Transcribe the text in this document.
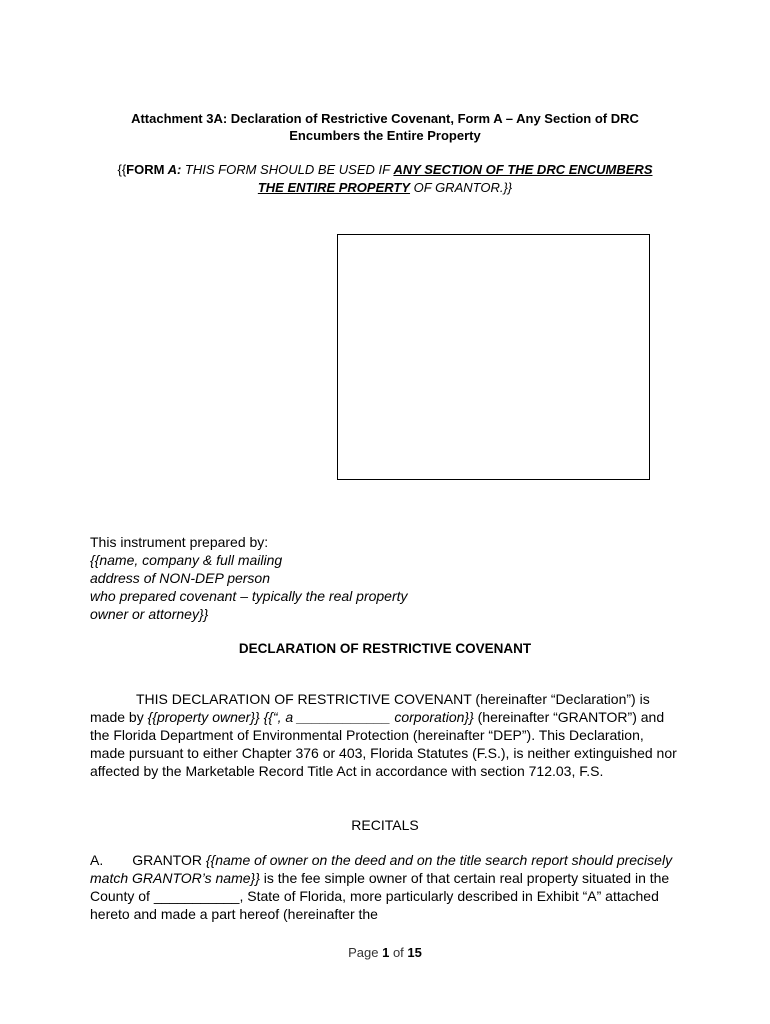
Attachment 3A: Declaration of Restrictive Covenant, Form A – Any Section of DRC
Encumbers the Entire Property
{{FORM A: THIS FORM SHOULD BE USED IF ANY SECTION OF THE DRC ENCUMBERS
THE ENTIRE PROPERTY OF GRANTOR.}}
This instrument prepared by:
{{name, company & full mailing
address of NON-DEP person
who prepared covenant – typically the real property
owner or attorney}}
DECLARATION OF RESTRICTIVE COVENANT
THIS DECLARATION OF RESTRICTIVE COVENANT (hereinafter “Declaration”) is made by {{property owner}} {{“, a ____________ corporation}} (hereinafter “GRANTOR”) and the Florida Department of Environmental Protection (hereinafter “DEP”). This Declaration, made pursuant to either Chapter 376 or 403, Florida Statutes (F.S.), is neither extinguished nor affected by the Marketable Record Title Act in accordance with section 712.03, F.S.
RECITALS
A. GRANTOR {{name of owner on the deed and on the title search report should precisely match GRANTOR’s name}} is the fee simple owner of that certain real property situated in the County of ___________, State of Florida, more particularly described in Exhibit “A” attached hereto and made a part hereof (hereinafter the
Page 1 of 15
